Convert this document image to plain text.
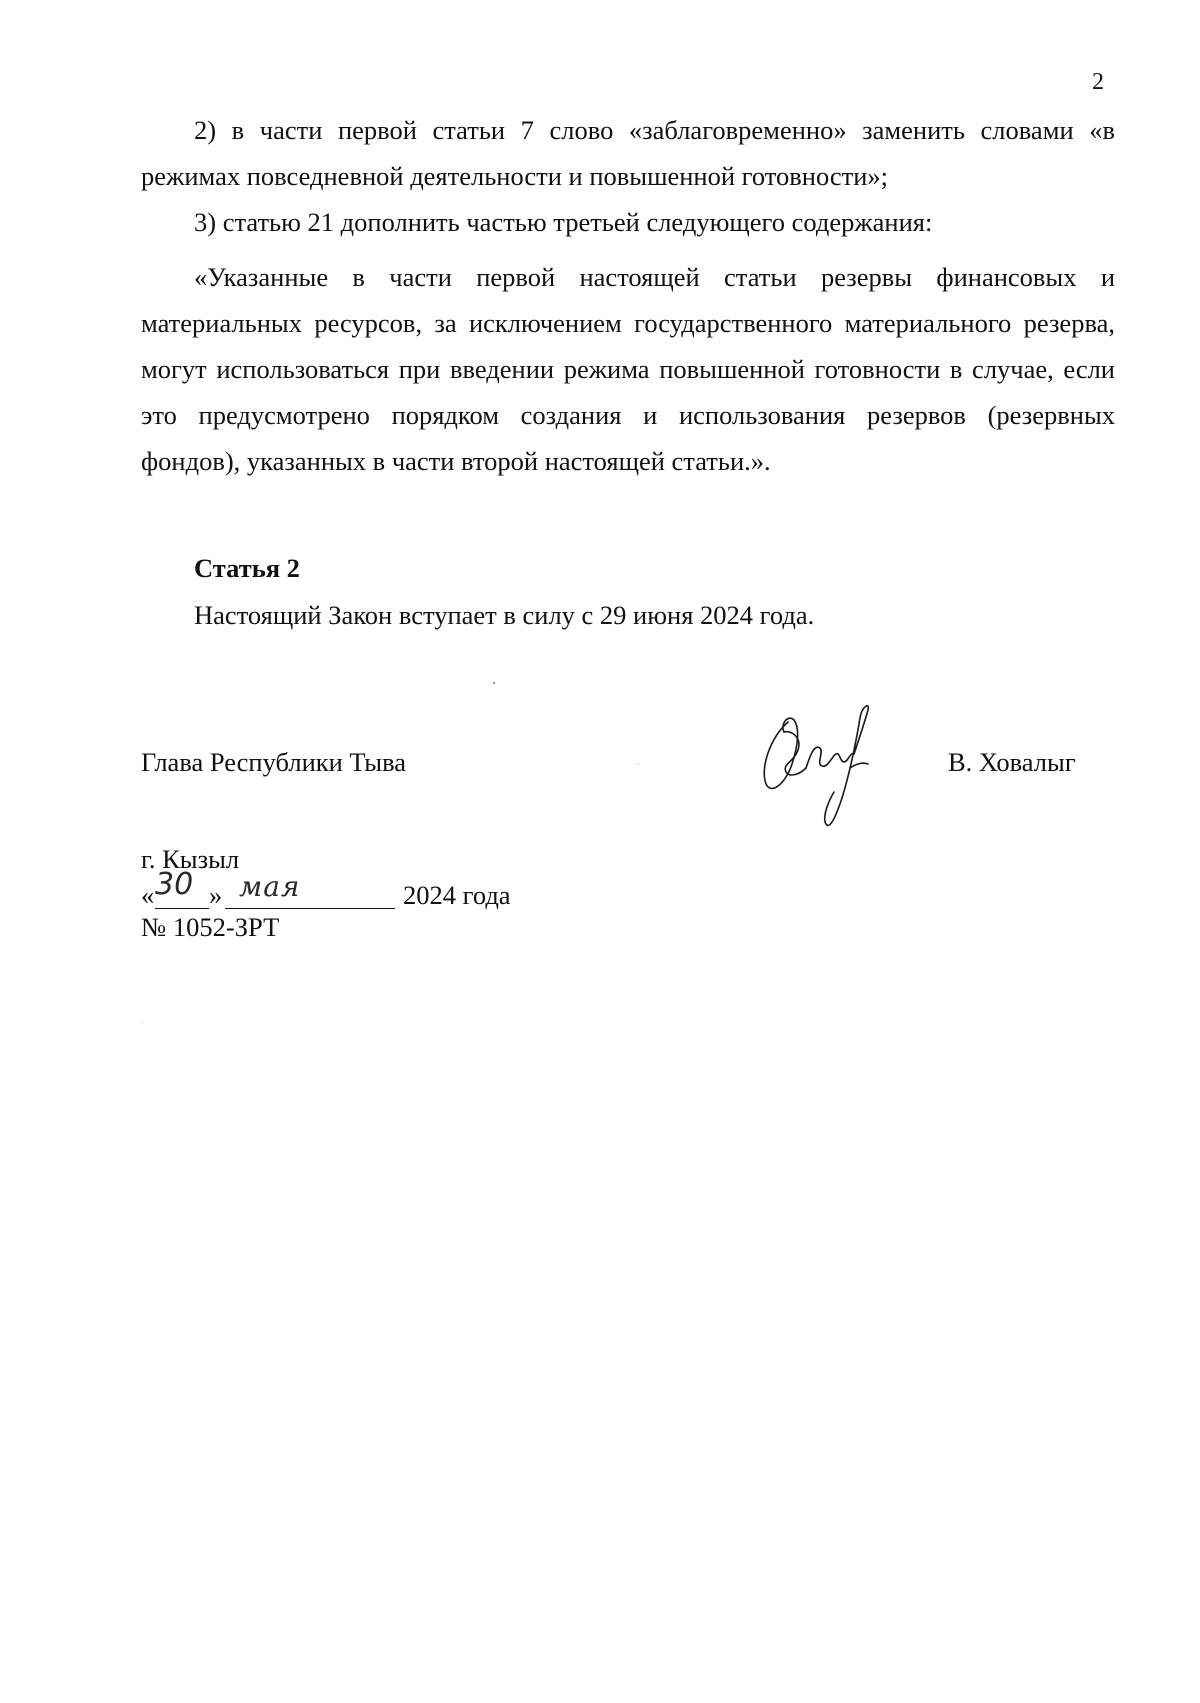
2

2) в части первой статьи 7 слово «заблаговременно» заменить словами «в режимах повседневной деятельности и повышенной готовности»;

3) статью 21 дополнить частью третьей следующего содержания:

«Указанные в части первой настоящей статьи резервы финансовых и материальных ресурсов, за исключением государственного материального резерва, могут использоваться при введении режима повышенной готовности в случае, если это предусмотрено порядком создания и использования резервов (резервных фондов), указанных в части второй настоящей статьи.».

Статья 2
Настоящий Закон вступает в силу с 29 июня 2024 года.
Глава Республики Тыва	В. Ховалыг
г. Кызыл
« 30 » мая	2024 года
№ 1052-ЗРТ
